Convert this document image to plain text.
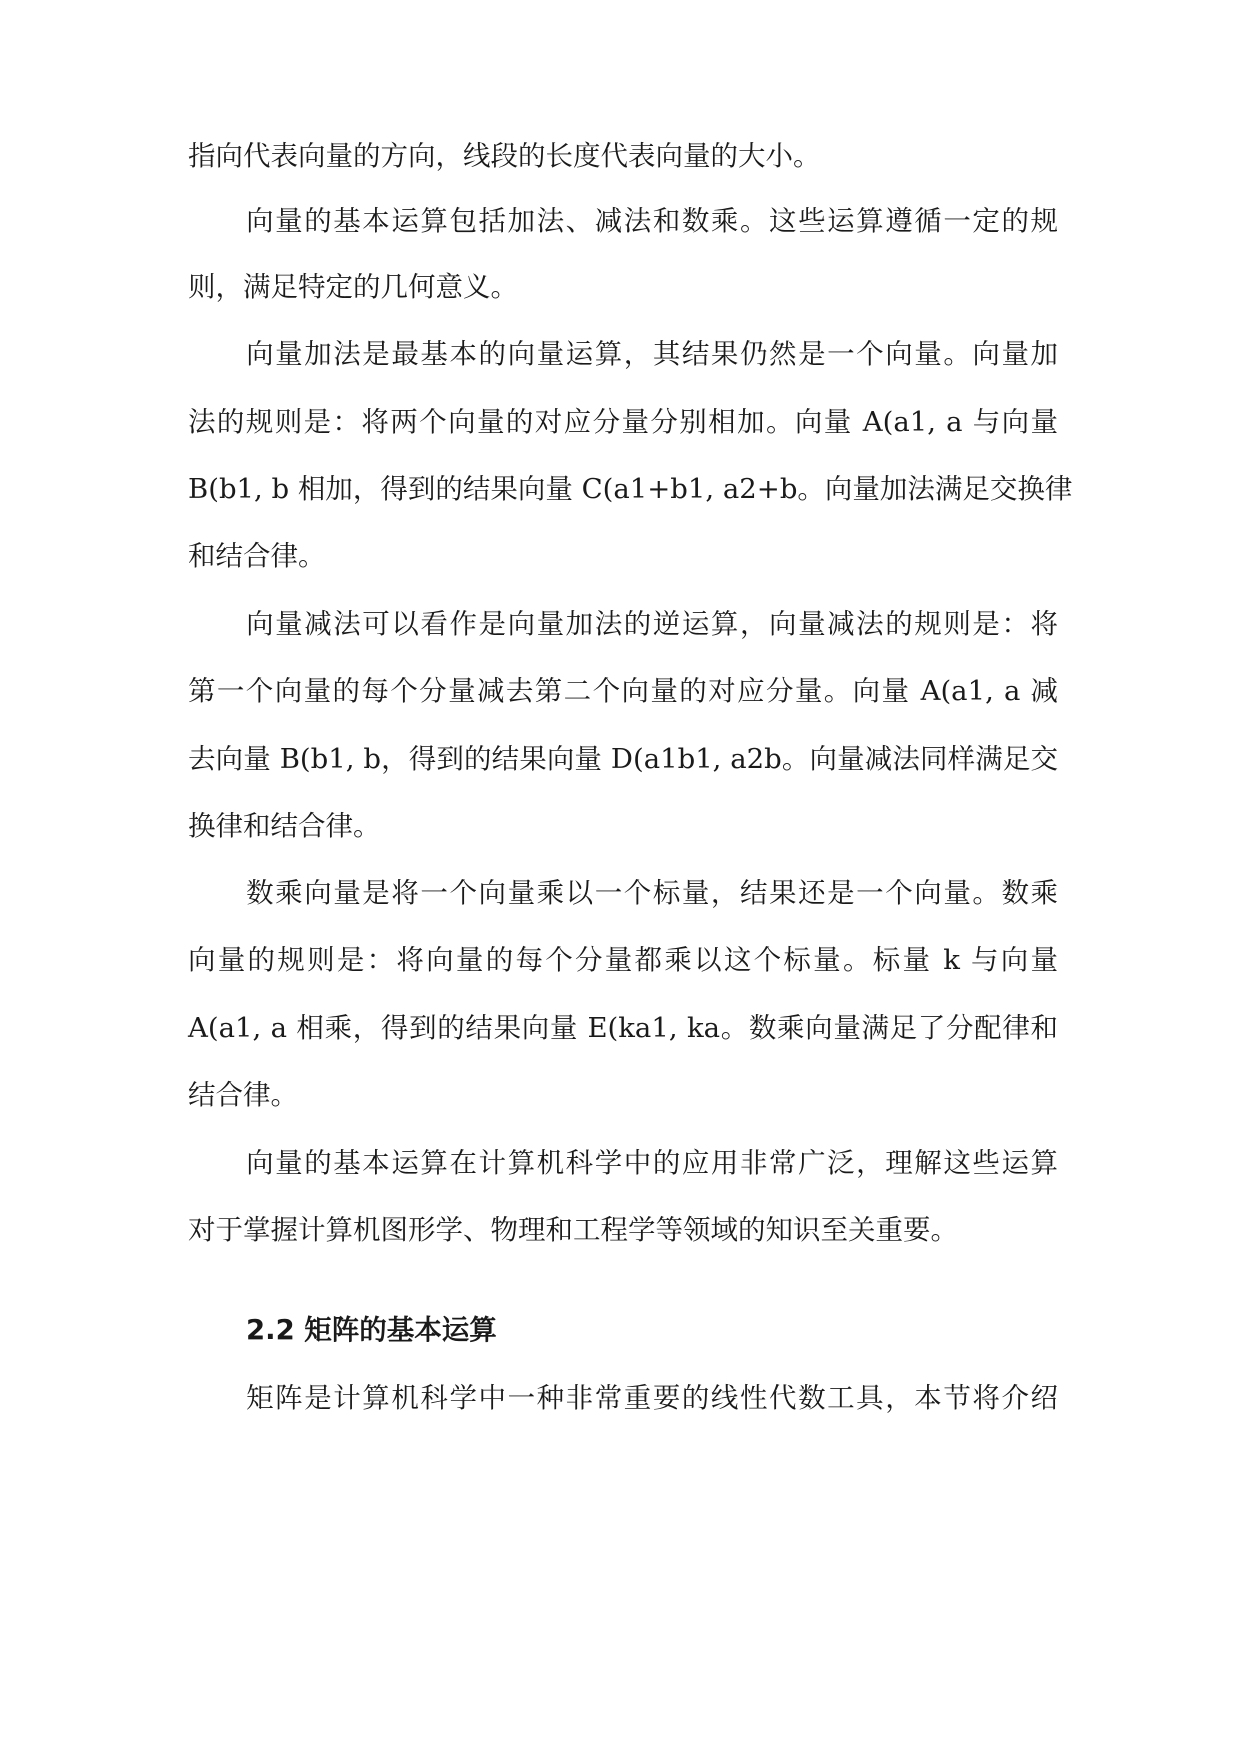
指向代表向量的方向，线段的长度代表向量的大小。
　　向量的基本运算包括加法、减法和数乘。这些运算遵循一定的规
则，满足特定的几何意义。
　　向量加法是最基本的向量运算，其结果仍然是一个向量。向量加
法的规则是：将两个向量的对应分量分别相加。向量 A(a1, a 与向量
B(b1, b 相加，得到的结果向量 C(a1+b1, a2+b。向量加法满足交换律
和结合律。
　　向量减法可以看作是向量加法的逆运算，向量减法的规则是：将
第一个向量的每个分量减去第二个向量的对应分量。向量 A(a1, a 减
去向量 B(b1, b，得到的结果向量 D(a1b1, a2b。向量减法同样满足交
换律和结合律。
　　数乘向量是将一个向量乘以一个标量，结果还是一个向量。数乘
向量的规则是：将向量的每个分量都乘以这个标量。标量 k 与向量
A(a1, a 相乘，得到的结果向量 E(ka1, ka。数乘向量满足了分配律和
结合律。
　　向量的基本运算在计算机科学中的应用非常广泛，理解这些运算
对于掌握计算机图形学、物理和工程学等领域的知识至关重要。
2.2 矩阵的基本运算
　　矩阵是计算机科学中一种非常重要的线性代数工具，本节将介绍
